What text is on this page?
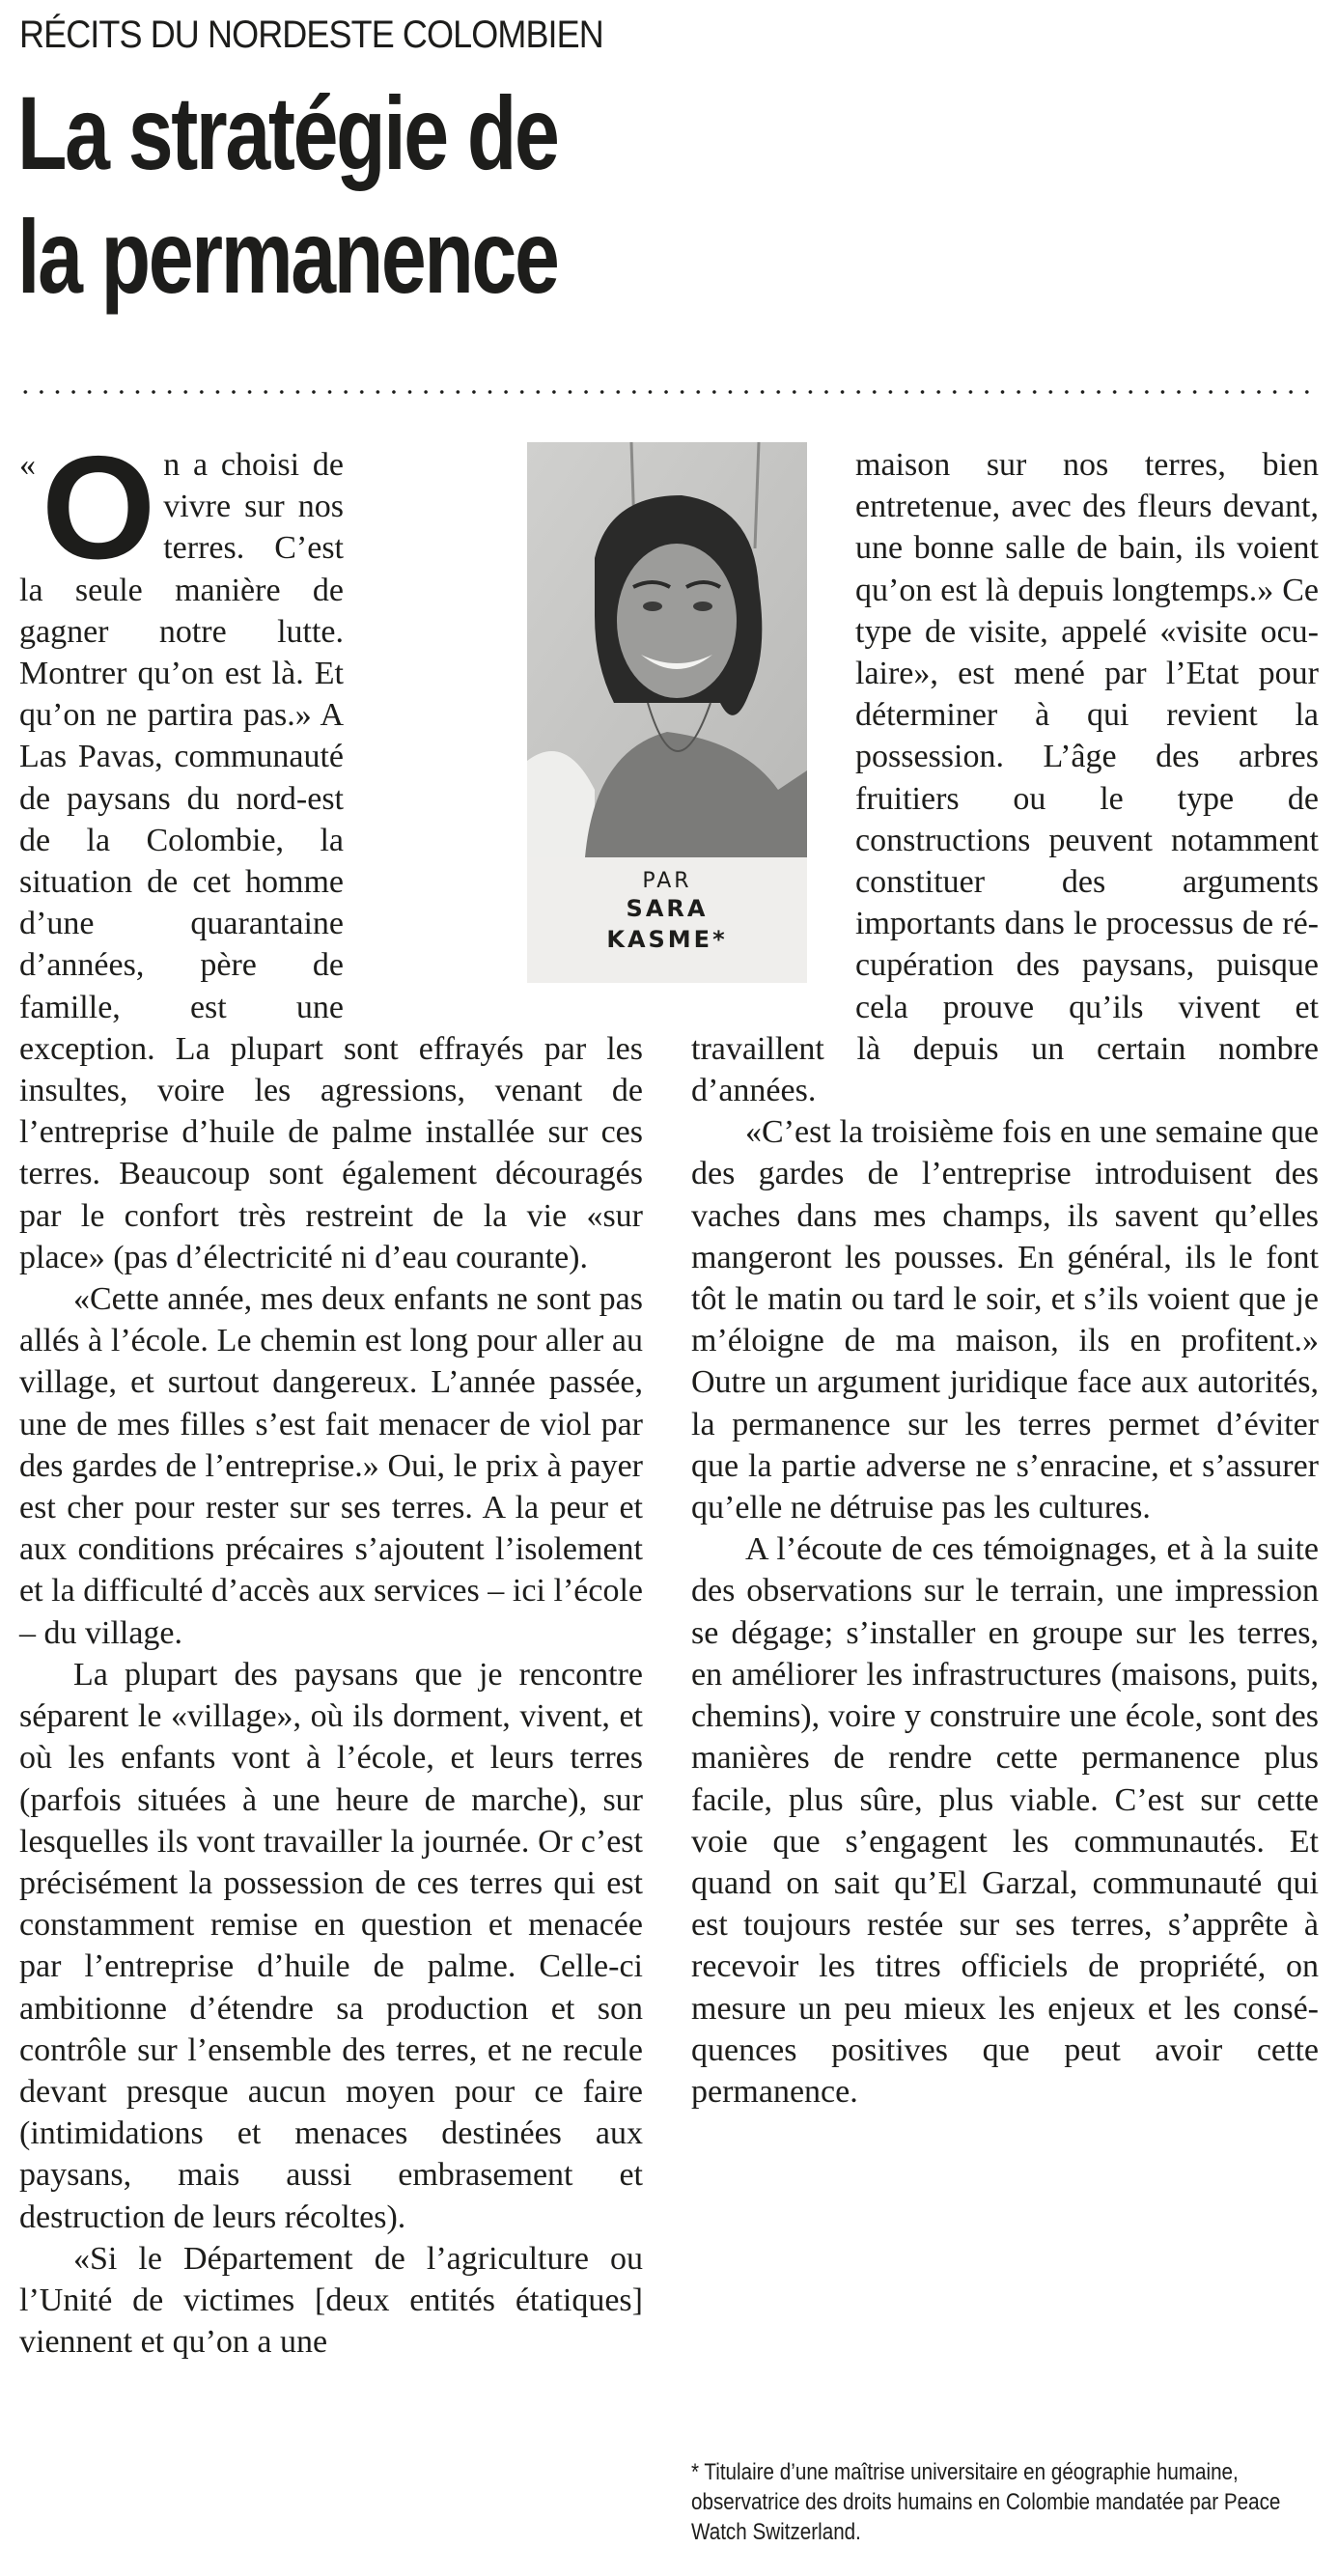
RÉCITS DU NORDESTE COLOMBIEN
La stratégie de
la permanence
PAR
SARA
KASME*

« O n a choisi de vivre sur nos terres. C’est la seule manière de gagner notre lutte. Montrer qu’on est là. Et qu’on ne partira pas.» A Las Pavas, communauté de paysans du nord-est de la Colombie, la situation de cet homme d’une quarantaine d’années, père de famille, est une exception. La plupart sont effrayés par les insultes, voire les agressions, venant de l’entreprise d’huile de palme installée sur ces terres. Beaucoup sont également découragés par le confort très restreint de la vie «sur place» (pas d’électricité ni d’eau courante).

«Cette année, mes deux enfants ne sont pas allés à l’école. Le chemin est long pour aller au village, et surtout dangereux. L’année passée, une de mes filles s’est fait menacer de viol par des gardes de l’entreprise.» Oui, le prix à payer est cher pour rester sur ses terres. A la peur et aux conditions précaires s’ajoutent l’isolement et la difficulté d’accès aux services – ici l’école – du village.

La plupart des paysans que je rencontre séparent le «village», où ils dorment, vivent, et où les enfants vont à l’école, et leurs terres (parfois situées à une heure de marche), sur lesquelles ils vont travailler la journée. Or c’est précisément la possession de ces terres qui est constamment remise en question et menacée par l’entreprise d’huile de palme. Celle-ci ambitionne d’étendre sa production et son contrôle sur l’ensemble des terres, et ne recule devant presque aucun moyen pour ce faire (intimidations et menaces destinées aux paysans, mais aussi embrasement et destruction de leurs récoltes).

«Si le Département de l’agriculture ou l’Unité de victimes [deux entités étatiques] viennent et qu’on a une

maison sur nos terres, bien entretenue, avec des fleurs devant, une bonne salle de bain, ils voient qu’on est là depuis longtemps.» Ce type de visite, appelé «visite oculaire», est mené par l’Etat pour déterminer à qui revient la possession. L’âge des arbres fruitiers ou le type de constructions peuvent notamment constituer des arguments importants dans le processus de récupération des paysans, puisque cela prouve qu’ils vivent et travaillent là depuis un certain nombre d’années.

«C’est la troisième fois en une semaine que des gardes de l’entreprise introduisent des vaches dans mes champs, ils savent qu’elles mangeront les pousses. En général, ils le font tôt le matin ou tard le soir, et s’ils voient que je m’éloigne de ma maison, ils en profitent.» Outre un argument juridique face aux autorités, la permanence sur les terres permet d’éviter que la partie adverse ne s’enracine, et s’assurer qu’elle ne détruise pas les cultures.

A l’écoute de ces témoignages, et à la suite des observations sur le terrain, une impression se dégage; s’installer en groupe sur les terres, en améliorer les infrastructures (maisons, puits, chemins), voire y construire une école, sont des manières de rendre cette permanence plus facile, plus sûre, plus viable. C’est sur cette voie que s’engagent les communautés. Et quand on sait qu’El Garzal, communauté qui est toujours restée sur ses terres, s’apprête à recevoir les titres officiels de propriété, on mesure un peu mieux les enjeux et les conséquences positives que peut avoir cette permanence.

* Titulaire d’une maîtrise universitaire en géographie humaine, observatrice des droits humains en Colombie mandatée par Peace Watch Switzerland.
